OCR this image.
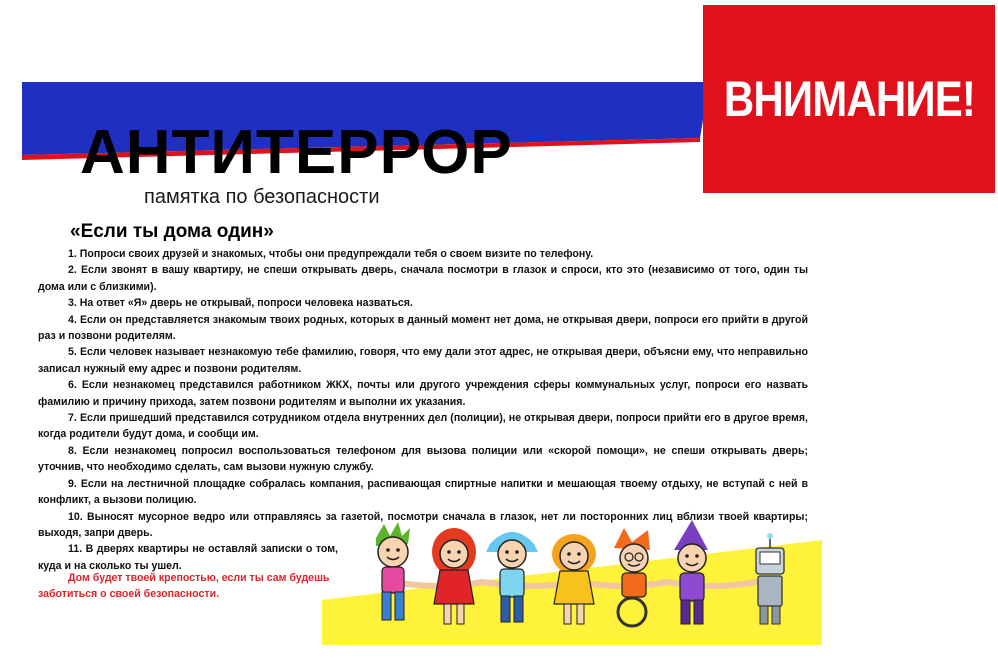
ВНИМАНИЕ!
АНТИТЕРРОР
памятка по безопасности
«Если ты дома один»
1. Попроси своих друзей и знакомых, чтобы они предупреждали тебя о своем визите по телефону.
2. Если звонят в вашу квартиру, не спеши открывать дверь, сначала посмотри в глазок и спроси, кто это (независимо от того, один ты дома или с близкими).
3. На ответ «Я» дверь не открывай, попроси человека назваться.
4. Если он представляется знакомым твоих родных, которых в данный момент нет дома, не открывая двери, попроси его прийти в другой раз и позвони родителям.
5. Если человек называет незнакомую тебе фамилию, говоря, что ему дали этот адрес, не открывая двери, объясни ему, что неправильно записал нужный ему адрес и позвони родителям.
6. Если незнакомец представился работником ЖКХ, почты или другого учреждения сферы коммунальных услуг, попроси его назвать фамилию и причину прихода, затем позвони родителям и выполни их указания.
7. Если пришедший представился сотрудником отдела внутренних дел (полиции), не открывая двери, попроси прийти его в другое время, когда родители будут дома, и сообщи им.
8. Если незнакомец попросил воспользоваться телефоном для вызова полиции или «скорой помощи», не спеши открывать дверь; уточнив, что необходимо сделать, сам вызови нужную службу.
9. Если на лестничной площадке собралась компания, распивающая спиртные напитки и мешающая твоему отдыху, не вступай с ней в конфликт, а вызови полицию.
10. Выносят мусорное ведро или отправляясь за газетой, посмотри сначала в глазок, нет ли посторонних лиц вблизи твоей квартиры; выходя, запри дверь.
11. В дверях квартиры не оставляй записки о том, куда и на сколько ты ушел.
Дом будет твоей крепостью, если ты сам будешь заботиться о своей безопасности.
